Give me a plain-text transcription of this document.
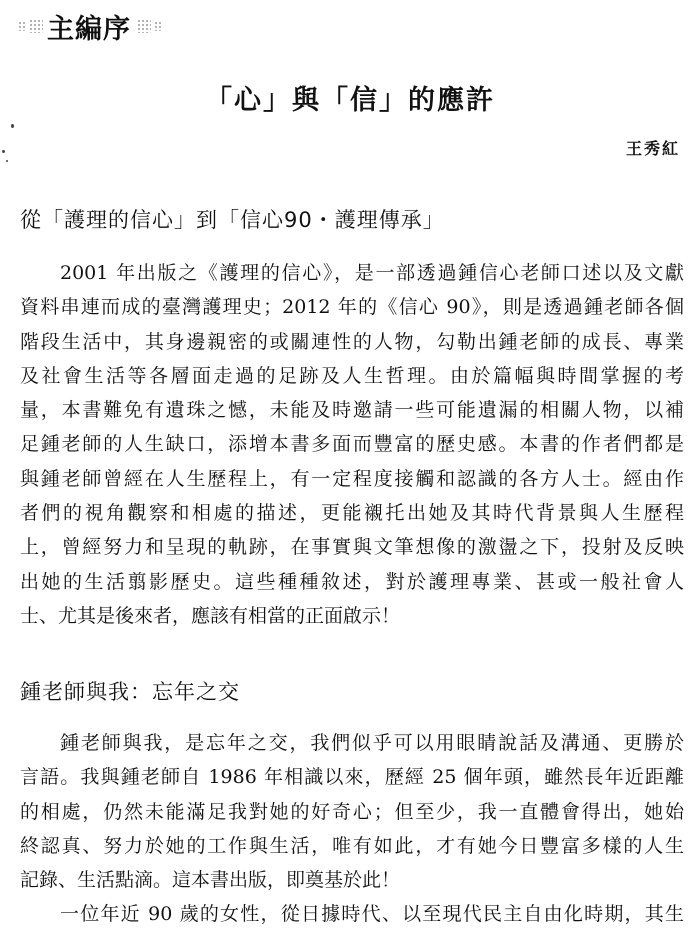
主編序
「心」與「信」的應許
王秀紅
從「護理的信心」到「信心90・護理傳承」
2001 年出版之《護理的信心》，是一部透過鍾信心老師口述以及文獻
資料串連而成的臺灣護理史；2012 年的《信心 90》，則是透過鍾老師各個
階段生活中，其身邊親密的或關連性的人物，勾勒出鍾老師的成長、專業
及社會生活等各層面走過的足跡及人生哲理。由於篇幅與時間掌握的考
量，本書難免有遺珠之憾，未能及時邀請一些可能遺漏的相關人物，以補
足鍾老師的人生缺口，添增本書多面而豐富的歷史感。本書的作者們都是
與鍾老師曾經在人生歷程上，有一定程度接觸和認識的各方人士。經由作
者們的視角觀察和相處的描述，更能襯托出她及其時代背景與人生歷程
上，曾經努力和呈現的軌跡，在事實與文筆想像的激盪之下，投射及反映
出她的生活翦影歷史。這些種種敘述，對於護理專業、甚或一般社會人
士、尤其是後來者，應該有相當的正面啟示！
鍾老師與我：忘年之交
鍾老師與我，是忘年之交，我們似乎可以用眼睛說話及溝通、更勝於
言語。我與鍾老師自 1986 年相識以來，歷經 25 個年頭，雖然長年近距離
的相處，仍然未能滿足我對她的好奇心；但至少，我一直體會得出，她始
終認真、努力於她的工作與生活，唯有如此，才有她今日豐富多樣的人生
記錄、生活點滴。這本書出版，即奠基於此！
一位年近 90 歲的女性，從日據時代、以至現代民主自由化時期，其生
